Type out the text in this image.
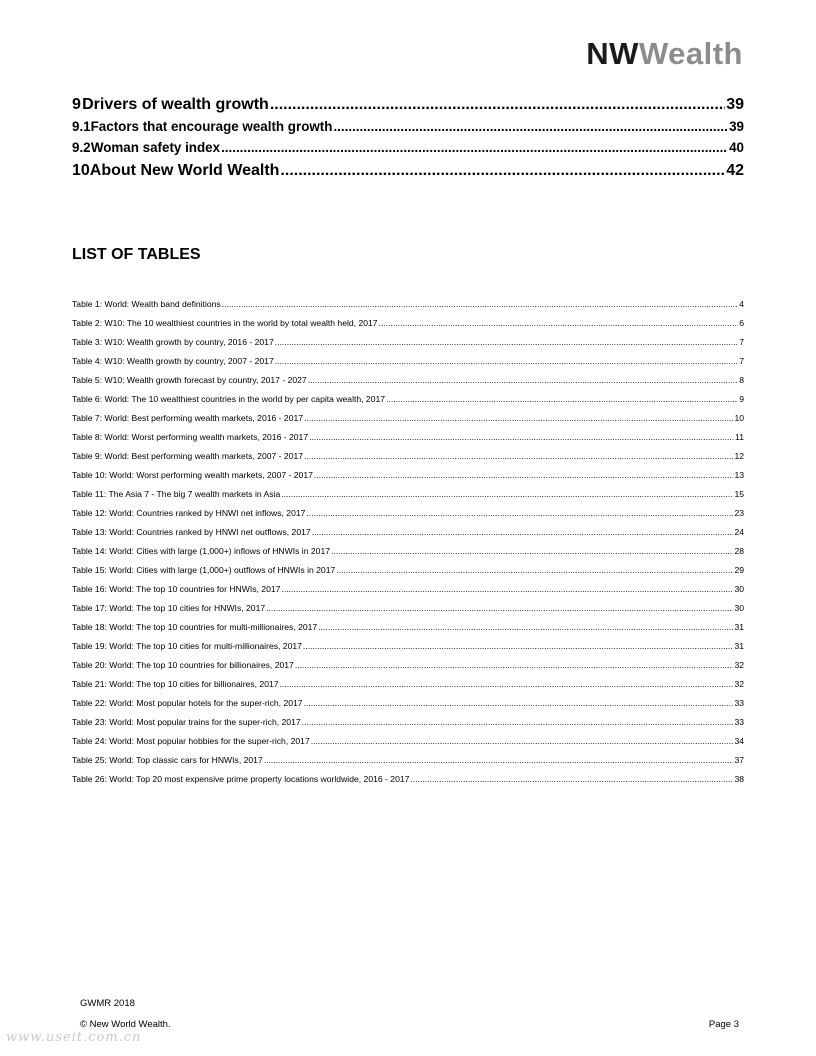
NWWealth
9 Drivers of wealth growth .....	39
9.1 Factors that encourage wealth growth .....	39
9.2 Woman safety index .....	40
10 About New World Wealth .....	42
LIST OF TABLES
Table 1: World: Wealth band definitions .....	4
Table 2: W10: The 10 wealthiest countries in the world by total wealth held, 2017 .....	6
Table 3: W10: Wealth growth by country, 2016 - 2017 .....	7
Table 4: W10: Wealth growth by country, 2007 - 2017 .....	7
Table 5: W10: Wealth growth forecast by country, 2017 - 2027 .....	8
Table 6: World: The 10 wealthiest countries in the world by per capita wealth, 2017 .....	9
Table 7: World: Best performing wealth markets, 2016 - 2017 .....	10
Table 8: World: Worst performing wealth markets, 2016 - 2017 .....	11
Table 9: World: Best performing wealth markets, 2007 - 2017 .....	12
Table 10: World: Worst performing wealth markets, 2007 - 2017 .....	13
Table 11: The Asia 7 - The big 7 wealth markets in Asia .....	15
Table 12: World: Countries ranked by HNWI net inflows, 2017 .....	23
Table 13: World: Countries ranked by HNWI net outflows, 2017 .....	24
Table 14: World: Cities with large (1,000+) inflows of HNWIs in 2017 .....	28
Table 15: World: Cities with large (1,000+) outflows of HNWIs in 2017 .....	29
Table 16: World: The top 10 countries for HNWIs, 2017 .....	30
Table 17: World: The top 10 cities for HNWIs, 2017 .....	30
Table 18: World: The top 10 countries for multi-millionaires, 2017 .....	31
Table 19: World: The top 10 cities for multi-millionaires, 2017 .....	31
Table 20: World: The top 10 countries for billionaires, 2017 .....	32
Table 21: World: The top 10 cities for billionaires, 2017 .....	32
Table 22: World: Most popular hotels for the super-rich, 2017 .....	33
Table 23: World: Most popular trains for the super-rich, 2017 .....	33
Table 24: World: Most popular hobbies for the super-rich, 2017 .....	34
Table 25: World: Top classic cars for HNWIs, 2017 .....	37
Table 26: World: Top 20 most expensive prime property locations worldwide, 2016 - 2017 .....	38
GWMR 2018
© New World Wealth.	Page 3
www.useit.com.cn
